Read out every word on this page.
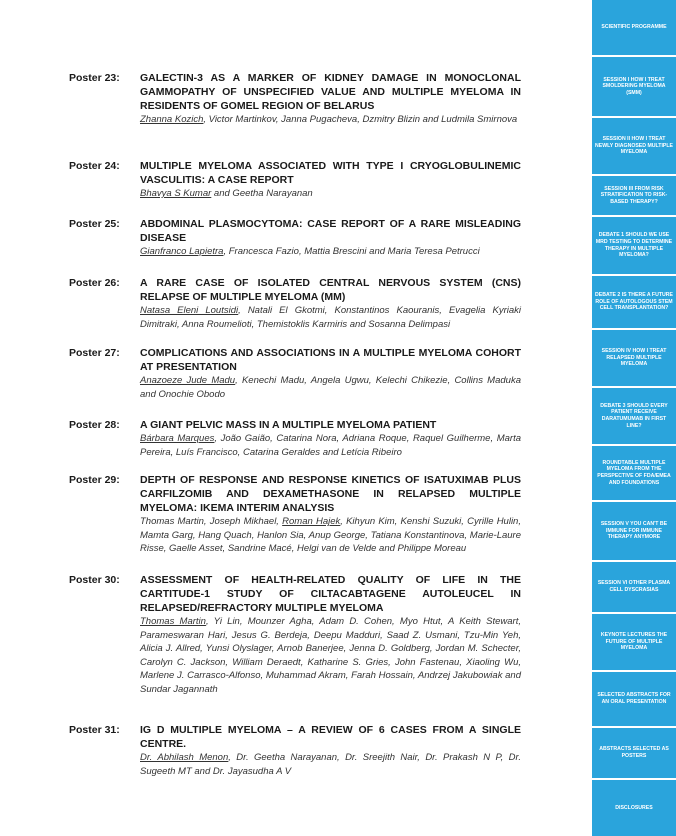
Poster 23: GALECTIN-3 AS A MARKER OF KIDNEY DAMAGE IN MONOCLONAL GAMMOPATHY OF UNSPECIFIED VALUE AND MULTIPLE MYELOMA IN RESIDENTS OF GOMEL REGION OF BELARUS
Zhanna Kozich, Victor Martinkov, Janna Pugacheva, Dzmitry Blizin and Ludmila Smirnova
Poster 24: MULTIPLE MYELOMA ASSOCIATED WITH TYPE I CRYOGLOBULINEMIC VASCULITIS: A CASE REPORT
Bhavya S Kumar and Geetha Narayanan
Poster 25: ABDOMINAL PLASMOCYTOMA: CASE REPORT OF A RARE MISLEADING DISEASE
Gianfranco Lapietra, Francesca Fazio, Mattia Brescini and Maria Teresa Petrucci
Poster 26: A RARE CASE OF ISOLATED CENTRAL NERVOUS SYSTEM (CNS) RELAPSE OF MULTIPLE MYELOMA (MM)
Natasa Eleni Loutsidi, Natali El Gkotmi, Konstantinos Kaouranis, Evagelia Kyriaki Dimitraki, Anna Roumelioti, Themistoklis Karmiris and Sosanna Delimpasi
Poster 27: COMPLICATIONS AND ASSOCIATIONS IN A MULTIPLE MYELOMA COHORT AT PRESENTATION
Anazoeze Jude Madu, Kenechi Madu, Angela Ugwu, Kelechi Chikezie, Collins Maduka and Onochie Obodo
Poster 28: A GIANT PELVIC MASS IN A MULTIPLE MYELOMA PATIENT
Bárbara Marques, João Gaião, Catarina Nora, Adriana Roque, Raquel Guilherme, Marta Pereira, Luís Francisco, Catarina Geraldes and Letícia Ribeiro
Poster 29: DEPTH OF RESPONSE AND RESPONSE KINETICS OF ISATUXIMAB PLUS CARFILZOMIB AND DEXAMETHASONE IN RELAPSED MULTIPLE MYELOMA: IKEMA INTERIM ANALYSIS
Thomas Martin, Joseph Mikhael, Roman Hajek, Kihyun Kim, Kenshi Suzuki, Cyrille Hulin, Mamta Garg, Hang Quach, Hanlon Sia, Anup George, Tatiana Konstantinova, Marie-Laure Risse, Gaelle Asset, Sandrine Macé, Helgi van de Velde and Philippe Moreau
Poster 30: ASSESSMENT OF HEALTH-RELATED QUALITY OF LIFE IN THE CARTITUDE-1 STUDY OF CILTACABTAGENE AUTOLEUCEL IN RELAPSED/REFRACTORY MULTIPLE MYELOMA
Thomas Martin, Yi Lin, Mounzer Agha, Adam D. Cohen, Myo Htut, A Keith Stewart, Parameswaran Hari, Jesus G. Berdeja, Deepu Madduri, Saad Z. Usmani, Tzu-Min Yeh, Alicia J. Allred, Yunsi Olyslager, Arnob Banerjee, Jenna D. Goldberg, Jordan M. Schecter, Carolyn C. Jackson, William Deraedt, Katharine S. Gries, John Fastenau, Xiaoling Wu, Marlene J. Carrasco-Alfonso, Muhammad Akram, Farah Hossain, Andrzej Jakubowiak and Sundar Jagannath
Poster 31: IG D MULTIPLE MYELOMA – A REVIEW OF 6 CASES FROM A SINGLE CENTRE.
Dr. Abhilash Menon, Dr. Geetha Narayanan, Dr. Sreejith Nair, Dr. Prakash N P, Dr. Sugeeth MT and Dr. Jayasudha A V
SCIENTIFIC PROGRAMME
SESSION I HOW I TREAT SMOLDERING MYELOMA (SMM)
SESSION II HOW I TREAT NEWLY DIAGNOSED MULTIPLE MYELOMA
SESSION III FROM RISK STRATIFICATION TO RISK-BASED THERAPY?
DEBATE 1 SHOULD WE USE MRD TESTING TO DETERMINE THERAPY IN MULTIPLE MYELOMA?
DEBATE 2 IS THERE A FUTURE ROLE OF AUTOLOGOUS STEM CELL TRANSPLANTATION?
SESSION IV HOW I TREAT RELAPSED MULTIPLE MYELOMA
DEBATE 3 SHOULD EVERY PATIENT RECEIVE DARATUMUMAB IN FIRST LINE?
ROUNDTABLE MULTIPLE MYELOMA FROM THE PERSPECTIVE OF FDA/EMEA AND FOUNDATIONS
SESSION V YOU CAN'T BE IMMUNE FOR IMMUNE THERAPY ANYMORE
SESSION VI OTHER PLASMA CELL DYSCRASIAS
KEYNOTE LECTURES THE FUTURE OF MULTIPLE MYELOMA
SELECTED ABSTRACTS FOR AN ORAL PRESENTATION
ABSTRACTS SELECTED AS POSTERS
DISCLOSURES
